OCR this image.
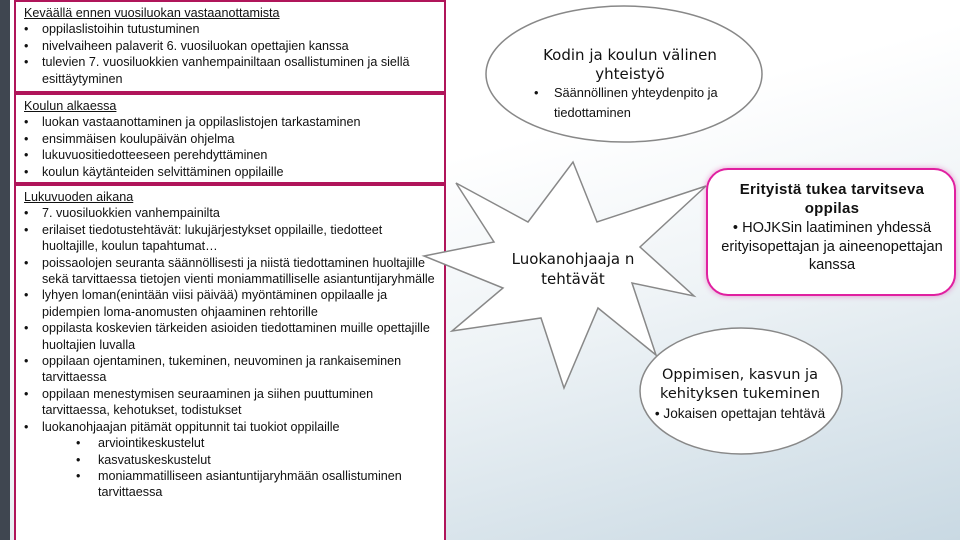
Keväällä ennen vuosiluokan vastaanottamista
• oppilaslistoihin tutustuminen
• nivelvaiheen palaverit 6. vuosiluokan opettajien kanssa
• tulevien 7. vuosiluokkien vanhempainiltaan osallistuminen ja siellä esittäytyminen
Koulun alkaessa
• luokan vastaanottaminen ja oppilaslistojen tarkastaminen
• ensimmäisen koulupäivän ohjelma
• lukuvuositiedotteeseen perehdyttäminen
• koulun käytänteiden selvittäminen oppilaille
Lukuvuoden aikana
• 7. vuosiluokkien vanhempainilta
• erilaiset tiedotustehtävät: lukujärjestykset oppilaille, tiedotteet huoltajille, koulun tapahtumat…
• poissaolojen seuranta säännöllisesti ja niistä tiedottaminen huoltajille sekä tarvittaessa tietojen vienti moniammatilliselle asiantuntijaryhmälle
• lyhyen loman(enintään viisi päivää) myöntäminen oppilaalle ja pidempien loma-anomusten ohjaaminen rehtorille
• oppilasta koskevien tärkeiden asioiden tiedottaminen muille opettajille huoltajien luvalla
• oppilaan ojentaminen, tukeminen, neuvominen ja rankaiseminen tarvittaessa
• oppilaan menestymisen seuraaminen ja siihen puuttuminen tarvittaessa, kehotukset, todistukset
• luokanohjaajan pitämät oppitunnit tai tuokiot oppilaille
• arviointikeskustelut
• kasvatuskeskustelut
• moniammatilliseen asiantuntijaryhmään osallistuminen tarvittaessa
Kodin ja koulun välinen yhteistyö
• Säännöllinen yhteydenpito ja tiedottaminen
Luokanohjaaja n tehtävät
Erityistä tukea tarvitseva oppilas
• HOJKSin laatiminen yhdessä erityisopettajan ja aineenopettajan kanssa
Oppimisen, kasvun ja kehityksen tukeminen
• Jokaisen opettajan tehtävä
